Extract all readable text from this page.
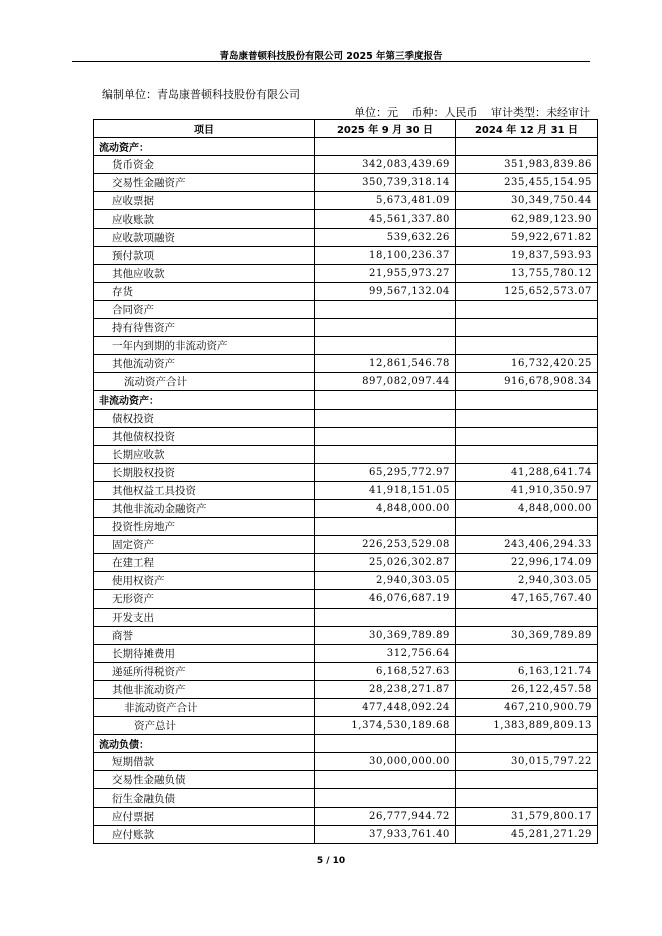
青岛康普顿科技股份有限公司 2025 年第三季度报告
编制单位：青岛康普顿科技股份有限公司
单位：元 币种：人民币 审计类型：未经审计
项目	2025 年 9 月 30 日	2024 年 12 月 31 日
流动资产：		
货币资金	342,083,439.69	351,983,839.86
交易性金融资产	350,739,318.14	235,455,154.95
应收票据	5,673,481.09	30,349,750.44
应收账款	45,561,337.80	62,989,123.90
应收款项融资	539,632.26	59,922,671.82
预付款项	18,100,236.37	19,837,593.93
其他应收款	21,955,973.27	13,755,780.12
存货	99,567,132.04	125,652,573.07
合同资产		
持有待售资产		
一年内到期的非流动资产		
其他流动资产	12,861,546.78	16,732,420.25
流动资产合计	897,082,097.44	916,678,908.34
非流动资产：		
债权投资		
其他债权投资		
长期应收款		
长期股权投资	65,295,772.97	41,288,641.74
其他权益工具投资	41,918,151.05	41,910,350.97
其他非流动金融资产	4,848,000.00	4,848,000.00
投资性房地产		
固定资产	226,253,529.08	243,406,294.33
在建工程	25,026,302.87	22,996,174.09
使用权资产	2,940,303.05	2,940,303.05
无形资产	46,076,687.19	47,165,767.40
开发支出		
商誉	30,369,789.89	30,369,789.89
长期待摊费用	312,756.64	
递延所得税资产	6,168,527.63	6,163,121.74
其他非流动资产	28,238,271.87	26,122,457.58
非流动资产合计	477,448,092.24	467,210,900.79
资产总计	1,374,530,189.68	1,383,889,809.13
流动负债：		
短期借款	30,000,000.00	30,015,797.22
交易性金融负债		
衍生金融负债		
应付票据	26,777,944.72	31,579,800.17
应付账款	37,933,761.40	45,281,271.29
5 / 10
